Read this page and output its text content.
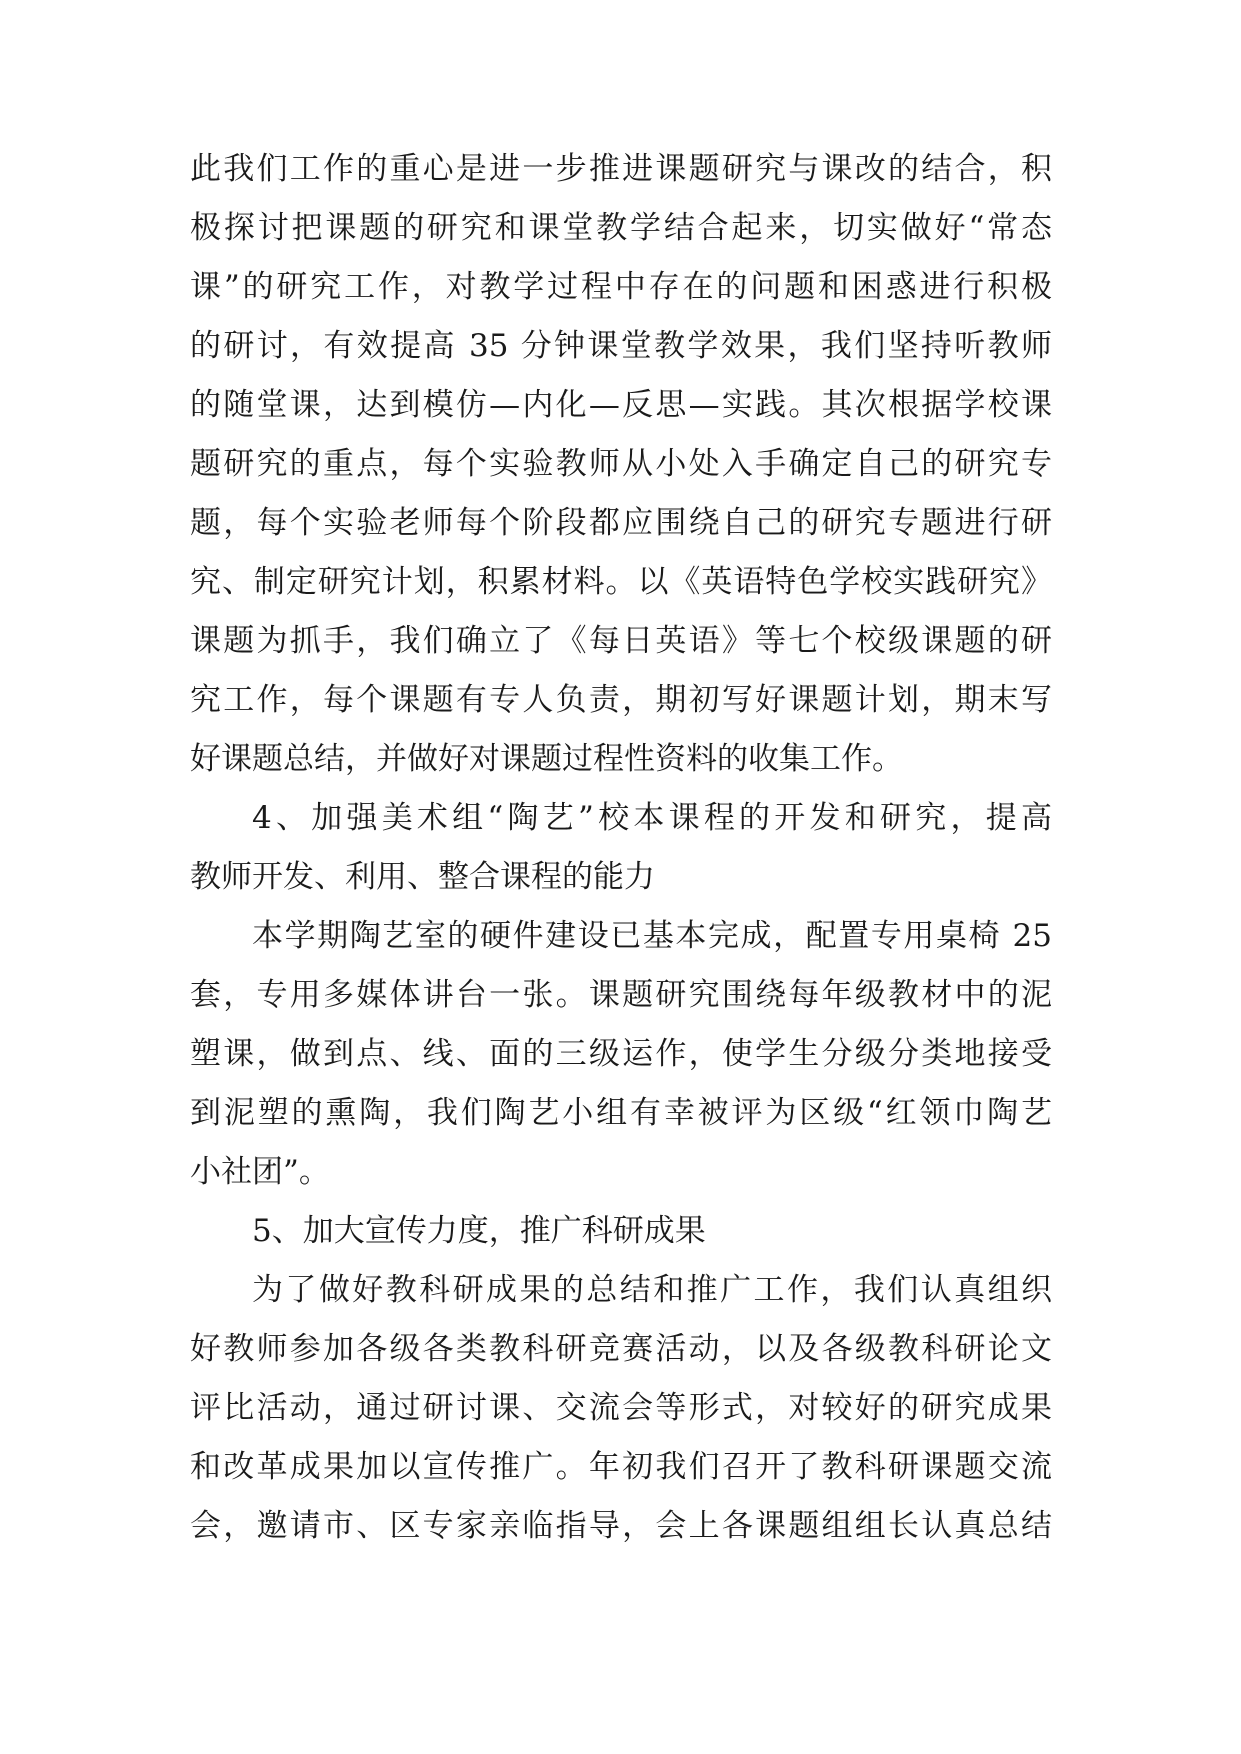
此我们工作的重心是进一步推进课题研究与课改的结合，积
极探讨把课题的研究和课堂教学结合起来，切实做好“常态
课”的研究工作，对教学过程中存在的问题和困惑进行积极
的研讨，有效提高 35 分钟课堂教学效果，我们坚持听教师
的随堂课，达到模仿—内化—反思—实践。其次根据学校课
题研究的重点，每个实验教师从小处入手确定自己的研究专
题，每个实验老师每个阶段都应围绕自己的研究专题进行研
究、制定研究计划，积累材料。以《英语特色学校实践研究》
课题为抓手，我们确立了《每日英语》等七个校级课题的研
究工作，每个课题有专人负责，期初写好课题计划，期末写
好课题总结，并做好对课题过程性资料的收集工作。
4、加强美术组“陶艺”校本课程的开发和研究，提高
教师开发、利用、整合课程的能力
本学期陶艺室的硬件建设已基本完成，配置专用桌椅 25
套，专用多媒体讲台一张。课题研究围绕每年级教材中的泥
塑课，做到点、线、面的三级运作，使学生分级分类地接受
到泥塑的熏陶，我们陶艺小组有幸被评为区级“红领巾陶艺
小社团”。
5、加大宣传力度，推广科研成果
为了做好教科研成果的总结和推广工作，我们认真组织
好教师参加各级各类教科研竞赛活动，以及各级教科研论文
评比活动，通过研讨课、交流会等形式，对较好的研究成果
和改革成果加以宣传推广。年初我们召开了教科研课题交流
会，邀请市、区专家亲临指导，会上各课题组组长认真总结
